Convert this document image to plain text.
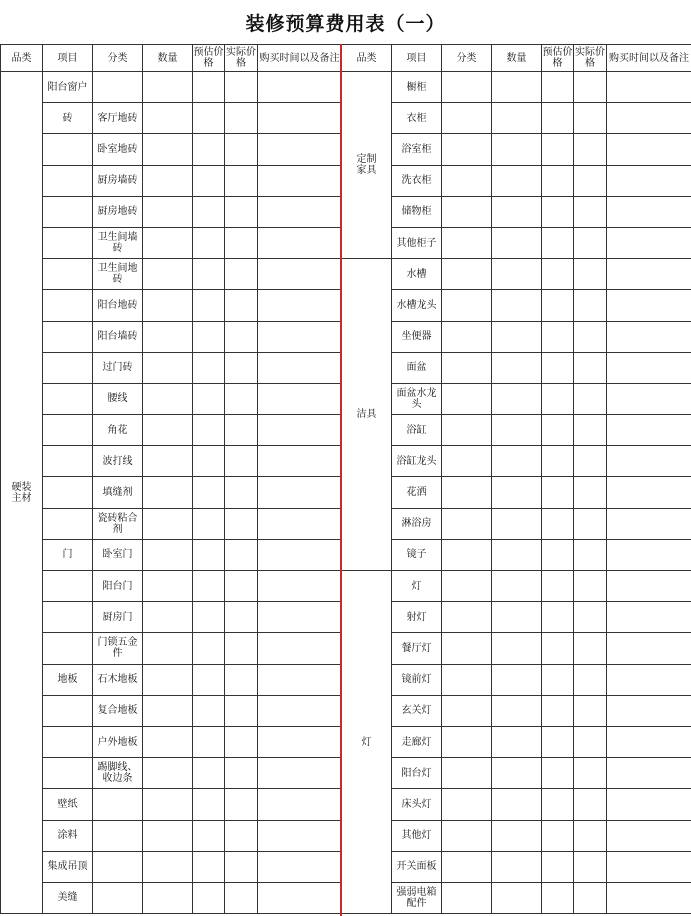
装修预算费用表（一）
品类	项目	分类	数量	预估价格	实际价格	购买时间以及备注
硬装主材	阳台窗户					
	砖	客厅地砖				
		卧室地砖				
		厨房墙砖				
		厨房地砖				
		卫生间墙砖				
		卫生间地砖				
		阳台地砖				
		阳台墙砖				
		过门砖				
		腰线				
		角花				
		波打线				
		填缝剂				
		瓷砖粘合剂				
	门	卧室门				
		阳台门				
		厨房门				
		门锁五金件				
	地板	石木地板				
		复合地板				
		户外地板				
		踢脚线、收边条				
	壁纸					
	涂料					
	集成吊顶					
	美缝					
品类	项目	分类	数量	预估价格	实际价格	购买时间以及备注
定制家具	橱柜					
	衣柜					
	浴室柜					
	洗衣柜					
	储物柜					
	其他柜子					
洁具	水槽					
	水槽龙头					
	坐便器					
	面盆					
	面盆水龙头					
	浴缸					
	浴缸龙头					
	花洒					
	淋浴房					
	镜子					
灯	灯					
	射灯					
	餐厅灯					
	镜前灯					
	玄关灯					
	走廊灯					
	阳台灯					
	床头灯					
	其他灯					
	开关面板					
	强弱电箱配件					
